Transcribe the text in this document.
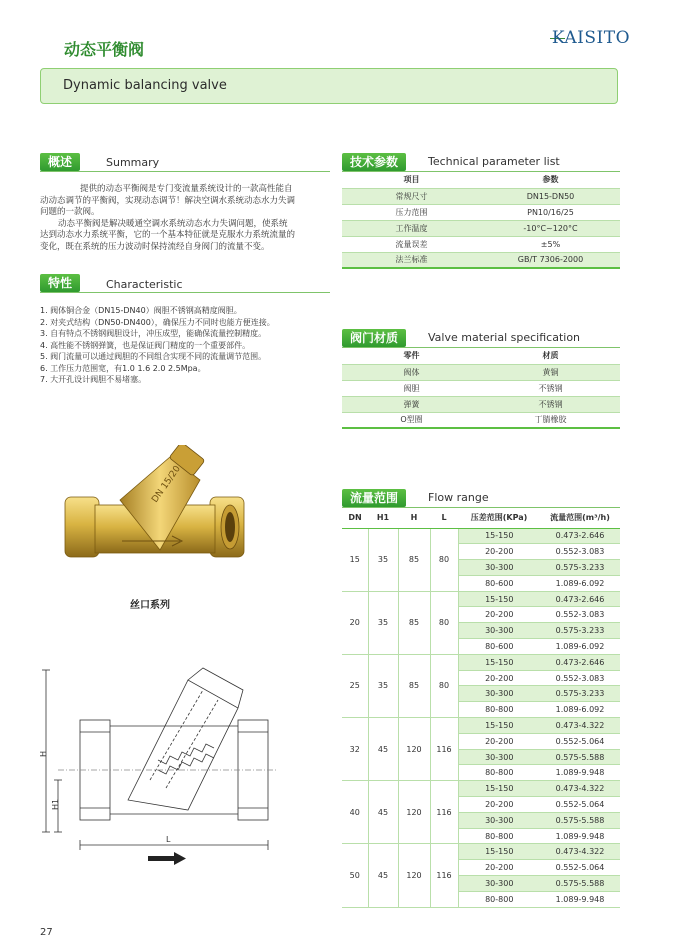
KAISITO
动态平衡阀
Dynamic balancing valve
概述	Summary
提供的动态平衡阀是专门变流量系统设计的一款高性能自
动动态调节的平衡阀，实现动态调节！解决空调水系统动态水力失调
问题的一款阀。
动态平衡阀是解决暖通空调水系统动态水力失调问题，使系统
达到动态水力系统平衡，它的一个基本特征就是克服水力系统流量的
变化，既在系统的压力波动时保持流经自身阀门的流量不变。
特性	Characteristic
1. 阀体铜合金（DN15-DN40）阀胆不锈钢高精度阀胆。
2. 对夹式结构（DN50-DN400），确保压力不同时也能方便连接。
3. 自有特点不锈钢阀胆设计，冲压成型，能确保流量控制精度。
4. 高性能不锈钢弹簧，也是保证阀门精度的一个重要部件。
5. 阀门流量可以通过阀胆的不同组合实现不同的流量调节范围。
6. 工作压力范围宽，有1.0 1.6 2.0 2.5Mpa。
7. 大开孔设计阀胆不易堵塞。
DN 15/20
丝口系列
H
H1
L
技术参数	Technical parameter list
项目	参数
常规尺寸	DN15-DN50
压力范围	PN10/16/25
工作温度	-10°C~120°C
流量误差	±5%
法兰标准	GB/T 7306-2000
阀门材质	Valve material specification
零件	材质
阀体	黄铜
阀胆	不锈钢
弹簧	不锈钢
O型圈	丁腈橡胶
流量范围	Flow range
DN	H1	H	L	压差范围(KPa)	流量范围(m³/h)
15	35	85	80	15-150	0.473-2.646
				20-200	0.552-3.083
				30-300	0.575-3.233
				80-600	1.089-6.092
20	35	85	80	15-150	0.473-2.646
				20-200	0.552-3.083
				30-300	0.575-3.233
				80-600	1.089-6.092
25	35	85	80	15-150	0.473-2.646
				20-200	0.552-3.083
				30-300	0.575-3.233
				80-800	1.089-6.092
32	45	120	116	15-150	0.473-4.322
				20-200	0.552-5.064
				30-300	0.575-5.588
				80-800	1.089-9.948
40	45	120	116	15-150	0.473-4.322
				20-200	0.552-5.064
				30-300	0.575-5.588
				80-800	1.089-9.948
50	45	120	116	15-150	0.473-4.322
				20-200	0.552-5.064
				30-300	0.575-5.588
				80-800	1.089-9.948
27
